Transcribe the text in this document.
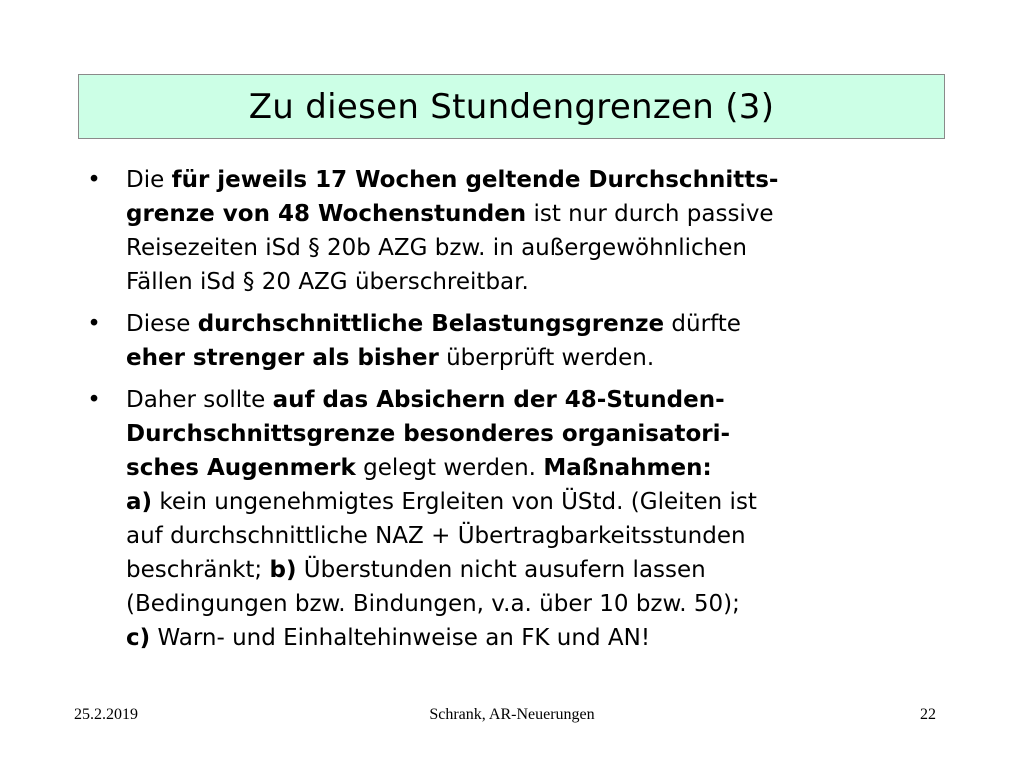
Zu diesen Stundengrenzen (3)
• Die für jeweils 17 Wochen geltende Durchschnitts-
grenze von 48 Wochenstunden ist nur durch passive
Reisezeiten iSd § 20b AZG bzw. in außergewöhnlichen
Fällen iSd § 20 AZG überschreitbar.
• Diese durchschnittliche Belastungsgrenze dürfte
eher strenger als bisher überprüft werden.
• Daher sollte auf das Absichern der 48-Stunden-
Durchschnittsgrenze besonderes organisatori-
sches Augenmerk gelegt werden. Maßnahmen:
a) kein ungenehmigtes Ergleiten von ÜStd. (Gleiten ist
auf durchschnittliche NAZ + Übertragbarkeitsstunden
beschränkt; b) Überstunden nicht ausufern lassen
(Bedingungen bzw. Bindungen, v.a. über 10 bzw. 50);
c) Warn- und Einhaltehinweise an FK und AN!
25.2.2019	Schrank, AR-Neuerungen	22
